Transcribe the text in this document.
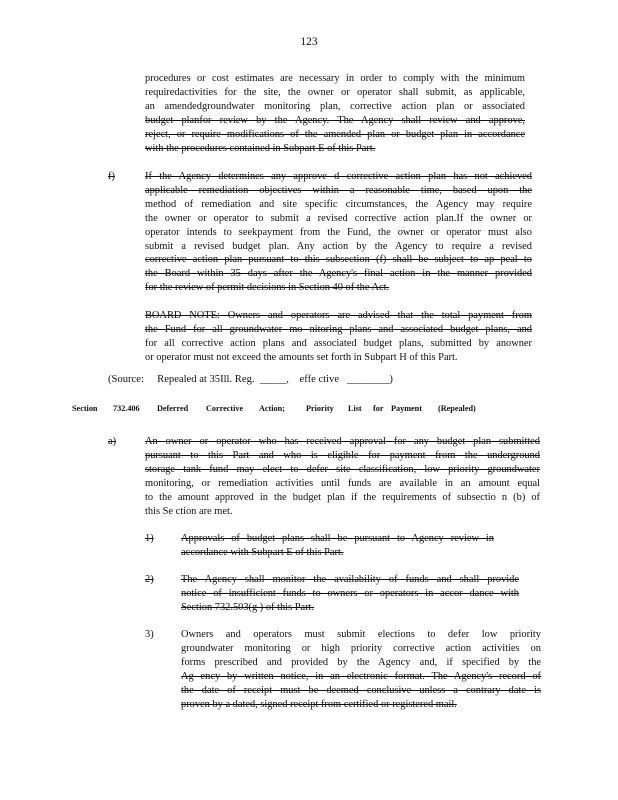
123
procedures or cost estimates are necessary in order to comply with the minimum
requiredactivities for the site, the owner or operator shall submit, as applicable,
an amendedgroundwater monitoring plan, corrective action plan or associated
budget planfor review by the Agency. The Agency shall review and approve,
reject, or require modifications of the amended plan or budget plan in accordance
with the procedures contained in Subpart E of this Part.
f)	If the Agency determines any approve d corrective action plan has not achieved
applicable remediation objectives within a reasonable time, based upon the
method of remediation and site specific circumstances, the Agency may require
the owner or operator to submit a revised corrective action plan.If the owner or
operator intends to seekpayment from the Fund, the owner or operator must also
submit a revised budget plan. Any action by the Agency to require a revised
corrective action plan pursuant to this subsection (f) shall be subject to ap peal to
the Board within 35 days after the Agency's final action in the manner provided
for the review of permit decisions in Section 40 of the Act.
BOARD NOTE: Owners and operators are advised that the total payment from
the Fund for all groundwater mo nitoring plans and associated budget plans, and
for all corrective action plans and associated budget plans, submitted by anowner
or operator must not exceed the amounts set forth in Subpart H of this Part.
(Source: Repealed at 35Ill. Reg. _____, effe ctive ________)
Section 732.406 Deferred Corrective Action;	Priority List for Payment (Repealed)
a)	An owner or operator who has received approval for any budget plan submitted
pursuant to this Part and who is eligible for payment from the underground
storage tank fund may elect to defer site classification, low priority groundwater
monitoring, or remediation activities until funds are available in an amount equal
to the amount approved in the budget plan if the requirements of subsectio n (b) of
this Se ction are met.
1)	Approvals of budget plans shall be pursuant to Agency review in
accordance with Subpart E of this Part.
2)	The Agency shall monitor the availability of funds and shall provide
notice of insufficient funds to owners or operators in accor dance with
Section 732.503(g ) of this Part.
3)	Owners and operators must submit elections to defer low priority
groundwater monitoring or high priority corrective action activities on
forms prescribed and provided by the Agency and, if specified by the
Ag ency by written notice, in an electronic format. The Agency's record of
the date of receipt must be deemed conclusive unless a contrary date is
proven by a dated, signed receipt from certified or registered mail.
